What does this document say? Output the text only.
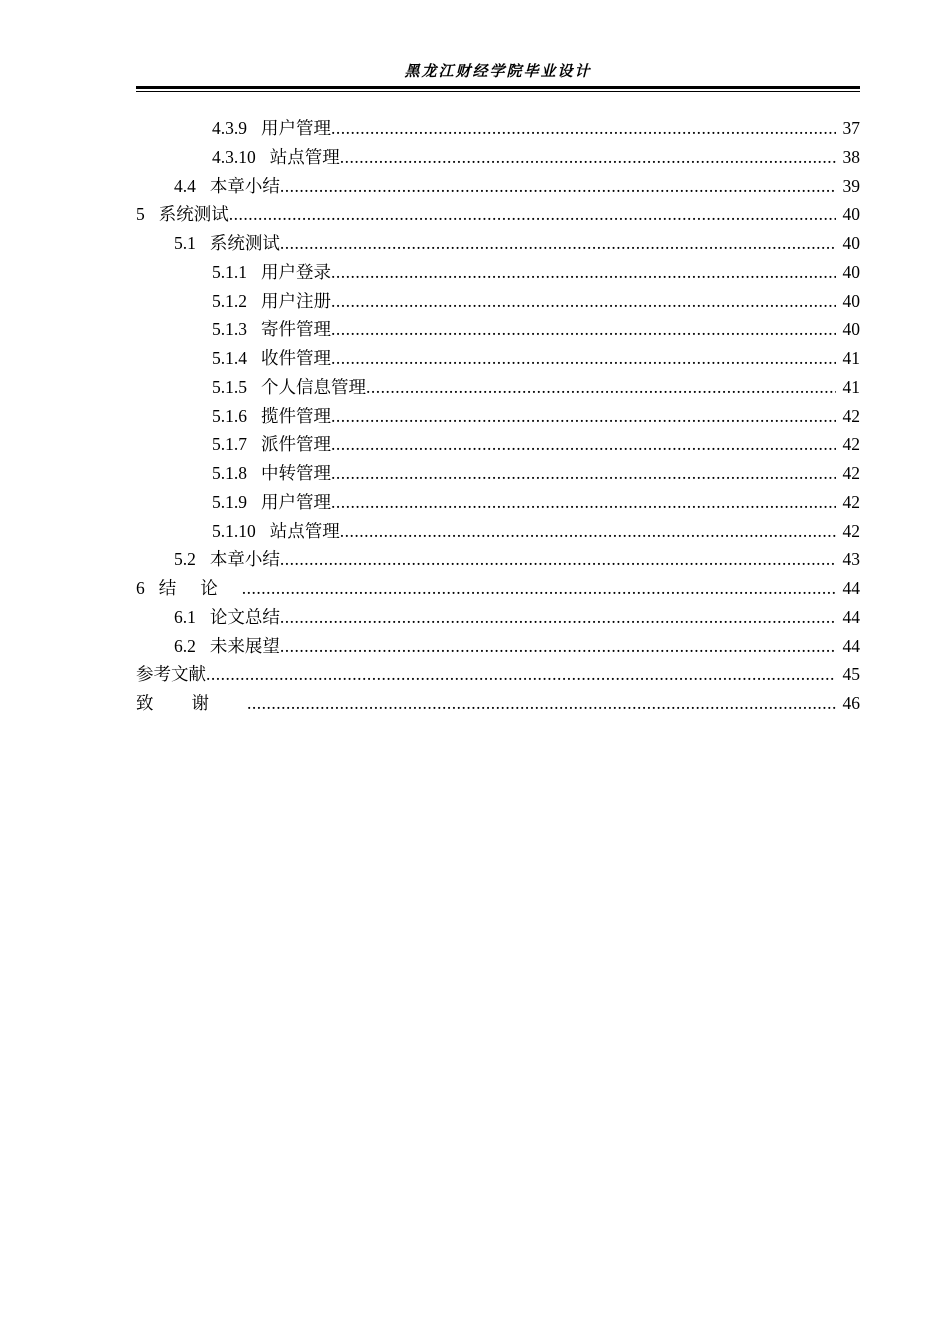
黑龙江财经学院毕业设计
4.3.9 用户管理 .....	37
4.3.10 站点管理 .....	38
4.4 本章小结 .....	39
5 系统测试 .....	40
5.1 系统测试 .....	40
5.1.1 用户登录 .....	40
5.1.2 用户注册 .....	40
5.1.3 寄件管理 .....	40
5.1.4 收件管理 .....	41
5.1.5 个人信息管理 .....	41
5.1.6 揽件管理 .....	42
5.1.7 派件管理 .....	42
5.1.8 中转管理 .....	42
5.1.9 用户管理 .....	42
5.1.10 站点管理 .....	42
5.2 本章小结 .....	43
6 结论 .....	44
6.1 论文总结 .....	44
6.2 未来展望 .....	44
参考文献 .....	45
致谢 .....	46
